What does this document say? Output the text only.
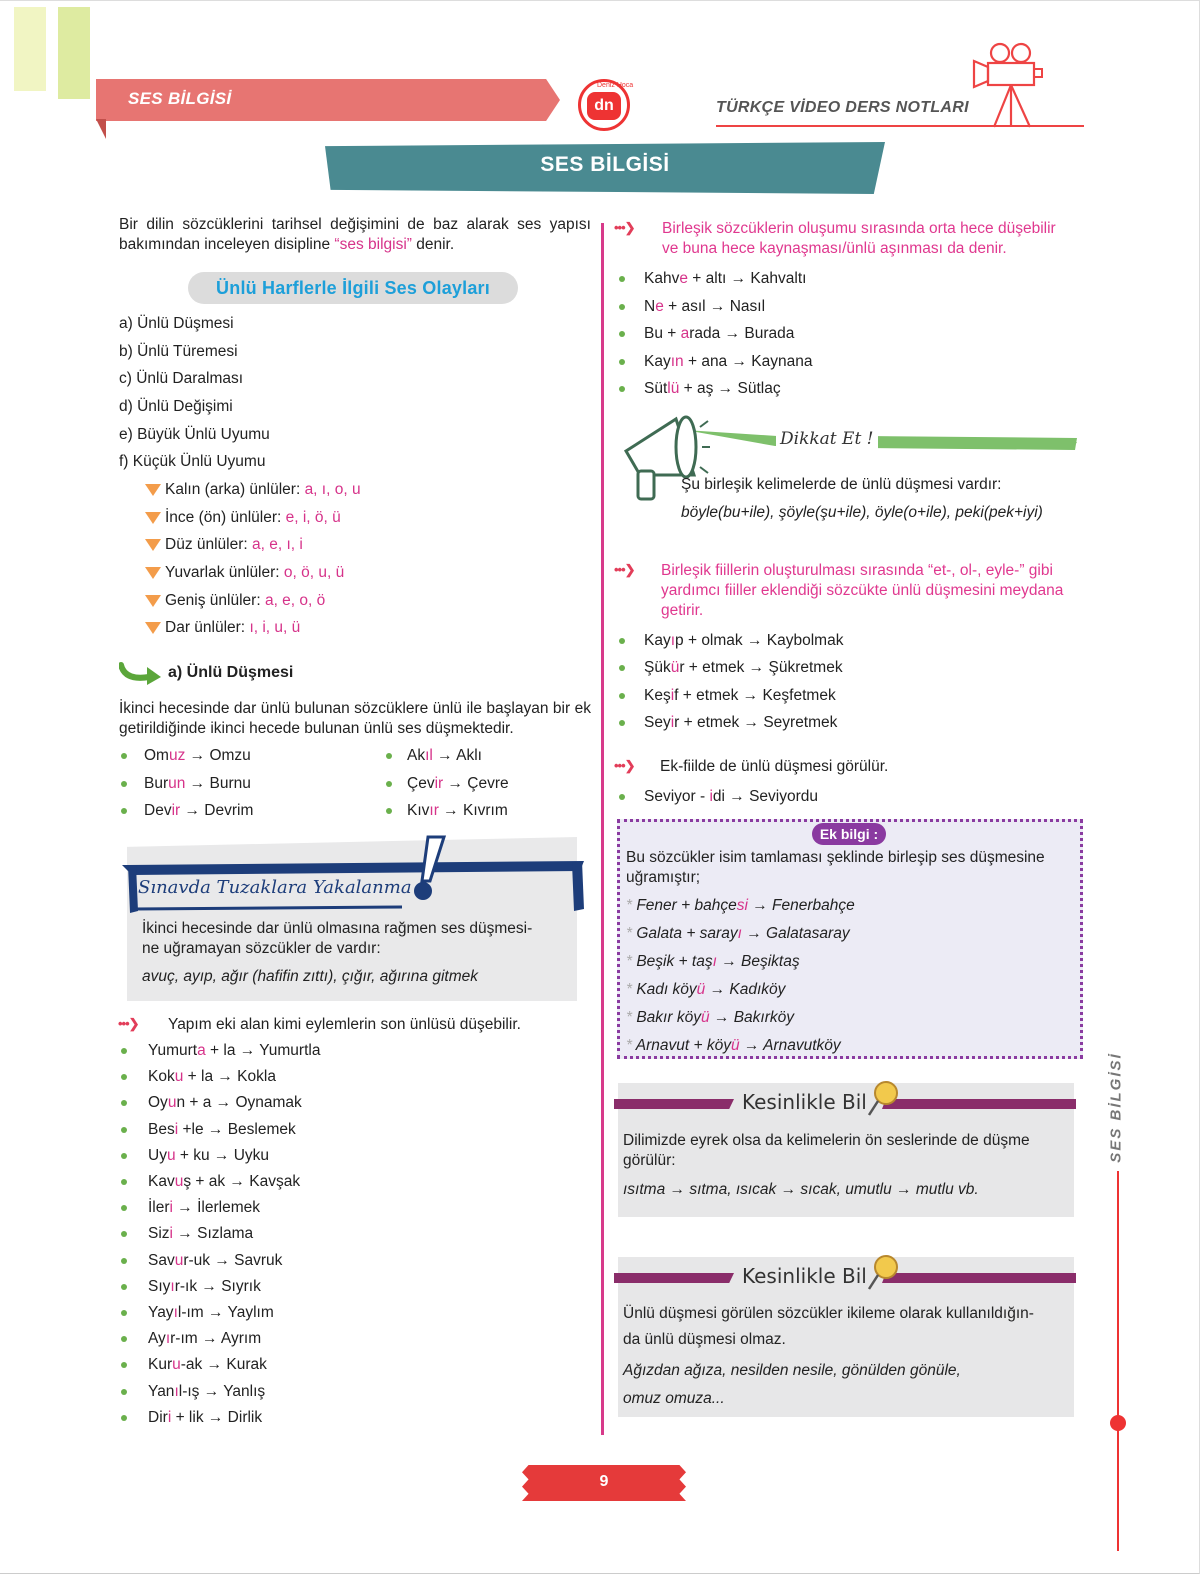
SES BİLGİSİ	dn
Deniz Hoca
TÜRKÇE VİDEO DERS NOTLARI
SES BİLGİSİ
Bir dilin sözcüklerini tarihsel değişimini de baz alarak ses yapısı bakımından inceleyen disipline “ses bilgisi” denir.
Ünlü Harflerle İlgili Ses Olayları
a) Ünlü Düşmesi
b) Ünlü Türemesi
c) Ünlü Daralması
d) Ünlü Değişimi
e) Büyük Ünlü Uyumu
f) Küçük Ünlü Uyumu
Kalın (arka) ünlüler: a, ı, o, u
İnce (ön) ünlüler: e, i, ö, ü
Düz ünlüler: a, e, ı, i
Yuvarlak ünlüler: o, ö, u, ü
Geniş ünlüler: a, e, o, ö
Dar ünlüler: ı, i, u, ü
a) Ünlü Düşmesi
İkinci hecesinde dar ünlü bulunan sözcüklere ünlü ile başlayan bir ek getirildiğinde ikinci hecede bulunan ünlü ses düşmektedir.
Omuz → Omzu
Burun → Burnu
Devir → Devrim
Akıl → Aklı
Çevir → Çevre
Kıvır → Kıvrım
Sınavda Tuzaklara Yakalanma
İkinci hecesinde dar ünlü olmasına rağmen ses düşmesi-
ne uğramayan sözcükler de vardır:
avuç, ayıp, ağır (hafifin zıttı), çığır, ağırına gitmek
•••❯ Yapım eki alan kimi eylemlerin son ünlüsü düşebilir.
Yumurta + la → Yumurtla
Koku + la → Kokla
Oyun + a → Oynamak
Besi +le → Beslemek
Uyu + ku → Uyku
Kavuş + ak → Kavşak
İleri → İlerlemek
Sizi → Sızlama
Savur-uk → Savruk
Sıyır-ık → Sıyrık
Yayıl-ım → Yaylım
Ayır-ım → Ayrım
Kuru-ak → Kurak
Yanıl-ış → Yanlış
Diri + lik → Dirlik
•••❯ Birleşik sözcüklerin oluşumu sırasında orta hece düşebilir
ve buna hece kaynaşması/ünlü aşınması da denir.
Kahve + altı → Kahvaltı
Ne + asıl → Nasıl
Bu + arada → Burada
Kayın + ana → Kaynana
Sütlü + aş → Sütlaç
Dikkat Et !
Şu birleşik kelimelerde de ünlü düşmesi vardır:
böyle(bu+ile), şöyle(şu+ile), öyle(o+ile), peki(pek+iyi)
•••❯ Birleşik fiillerin oluşturulması sırasında “et-, ol-, eyle-” gibi
yardımcı fiiller eklendiği sözcükte ünlü düşmesini meydana
getirir.
Kayıp + olmak → Kaybolmak
Şükür + etmek → Şükretmek
Keşif + etmek → Keşfetmek
Seyir + etmek → Seyretmek
•••❯ Ek-fiilde de ünlü düşmesi görülür.
Seviyor - idi → Seviyordu
Ek bilgi :
Bu sözcükler isim tamlaması şeklinde birleşip ses düşmesine
uğramıştır;
* Fener + bahçesi → Fenerbahçe
* Galata + sarayı → Galatasaray
* Beşik + taşı → Beşiktaş
* Kadı köyü → Kadıköy
* Bakır köyü → Bakırköy
* Arnavut + köyü → Arnavutköy
Kesinlikle Bil
Dilimizde eyrek olsa da kelimelerin ön seslerinde de düşme
görülür:
ısıtma → sıtma, ısıcak → sıcak, umutlu → mutlu vb.
Kesinlikle Bil
Ünlü düşmesi görülen sözcükler ikileme olarak kullanıldığın-
da ünlü düşmesi olmaz.
Ağızdan ağıza, nesilden nesile, gönülden gönüle,
omuz omuza...
SES BİLGİSİ
9
